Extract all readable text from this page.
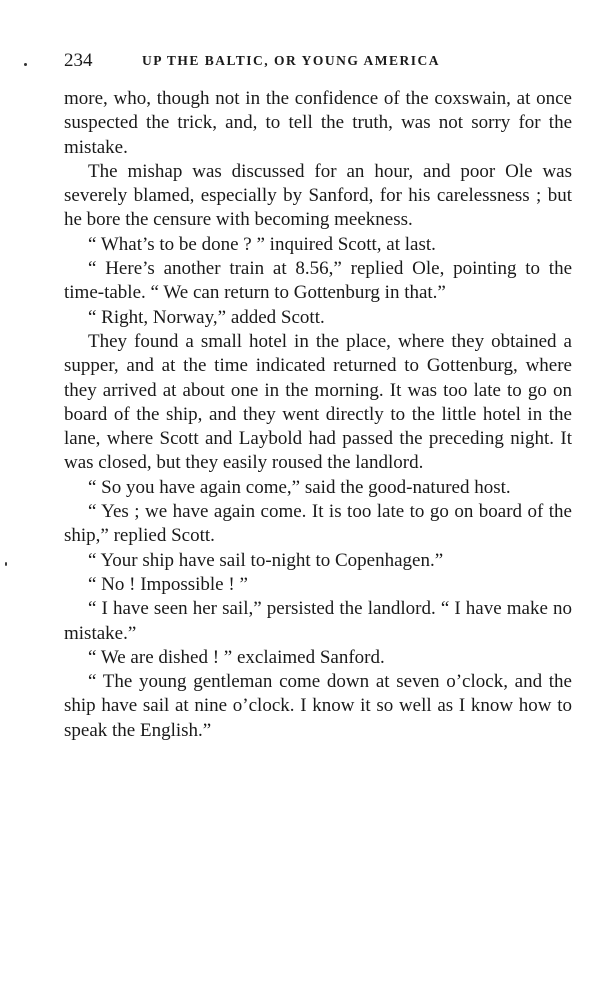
234	UP THE BALTIC, OR YOUNG AMERICA

more, who, though not in the confidence of the coxswain, at once suspected the trick, and, to tell the truth, was not sorry for the mistake.

The mishap was discussed for an hour, and poor Ole was severely blamed, especially by Sanford, for his carelessness ; but he bore the censure with becoming meekness.

“ What’s to be done ? ” inquired Scott, at last.

“ Here’s another train at 8.56,” replied Ole, pointing to the time-table. “ We can return to Gottenburg in that.”

“ Right, Norway,” added Scott.

They found a small hotel in the place, where they obtained a supper, and at the time indicated returned to Gottenburg, where they arrived at about one in the morning. It was too late to go on board of the ship, and they went directly to the little hotel in the lane, where Scott and Laybold had passed the preceding night. It was closed, but they easily roused the landlord.

“ So you have again come,” said the good-natured host.

“ Yes ; we have again come. It is too late to go on board of the ship,” replied Scott.

“ Your ship have sail to-night to Copenhagen.”

“ No ! Impossible ! ”

“ I have seen her sail,” persisted the landlord. “ I have make no mistake.”

“ We are dished ! ” exclaimed Sanford.

“ The young gentleman come down at seven o’clock, and the ship have sail at nine o’clock. I know it so well as I know how to speak the English.”
